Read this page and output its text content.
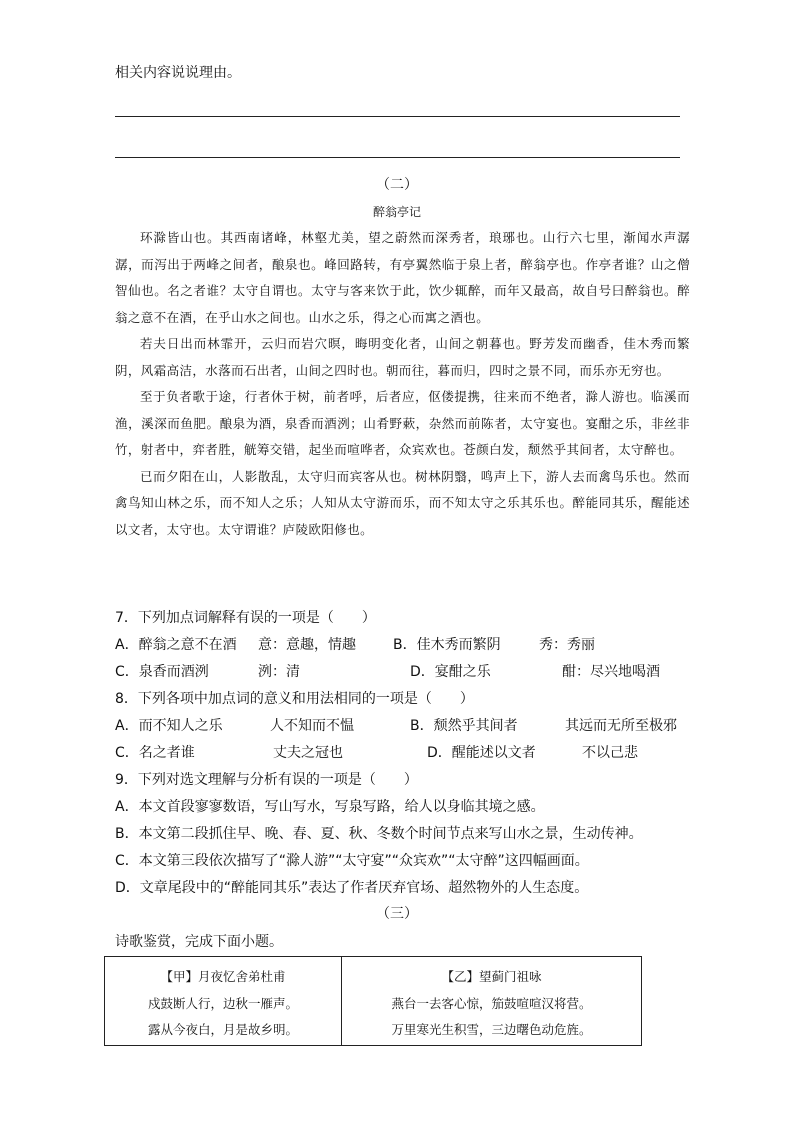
相关内容说说理由。
（二）
醉翁亭记

环滁皆山也。其西南诸峰，林壑尤美，望之蔚然而深秀者，琅琊也。山行六七里，渐闻水声潺潺，而泻出于两峰之间者，酿泉也。峰回路转，有亭翼然临于泉上者，醉翁亭也。作亭者谁？山之僧智仙也。名之者谁？太守自谓也。太守与客来饮于此，饮少辄醉，而年又最高，故自号曰醉翁也。醉翁之意不在酒，在乎山水之间也。山水之乐，得之心而寓之酒也。

若夫日出而林霏开，云归而岩穴暝，晦明变化者，山间之朝暮也。野芳发而幽香，佳木秀而繁阴，风霜高洁，水落而石出者，山间之四时也。朝而往，暮而归，四时之景不同，而乐亦无穷也。

至于负者歌于途，行者休于树，前者呼，后者应，伛偻提携，往来而不绝者，滁人游也。临溪而渔，溪深而鱼肥。酿泉为酒，泉香而酒洌；山肴野蔌，杂然而前陈者，太守宴也。宴酣之乐，非丝非竹，射者中，弈者胜，觥筹交错，起坐而喧哗者，众宾欢也。苍颜白发，颓然乎其间者，太守醉也。

已而夕阳在山，人影散乱，太守归而宾客从也。树林阴翳，鸣声上下，游人去而禽鸟乐也。然而禽鸟知山林之乐，而不知人之乐；人知从太守游而乐，而不知太守之乐其乐也。醉能同其乐，醒能述以文者，太守也。太守谓谁？庐陵欧阳修也。

7．下列加点词解释有误的一项是（　　）
A．醉翁之意不在酒 意：意趣，情趣	B．佳木秀而繁阴	秀：秀丽
C．泉香而酒洌	洌：清	D．宴酣之乐	酣：尽兴地喝酒
8．下列各项中加点词的意义和用法相同的一项是（　　）
A．而不知人之乐	人不知而不愠	B．颓然乎其间者	其远而无所至极邪
C．名之者谁	丈夫之冠也	D．醒能述以文者	不以己悲
9．下列对选文理解与分析有误的一项是（　　）
A．本文首段寥寥数语，写山写水，写泉写路，给人以身临其境之感。
B．本文第二段抓住早、晚、春、夏、秋、冬数个时间节点来写山水之景，生动传神。
C．本文第三段依次描写了“滁人游”“太守宴”“众宾欢”“太守醉”这四幅画面。
D．文章尾段中的“醉能同其乐”表达了作者厌弃官场、超然物外的人生态度。
（三）
诗歌鉴赏，完成下面小题。
【甲】月夜忆舍弟杜甫
戍鼓断人行，边秋一雁声。
露从今夜白，月是故乡明。
【乙】望蓟门祖咏
燕台一去客心惊，笳鼓喧喧汉将营。
万里寒光生积雪，三边曙色动危旌。
